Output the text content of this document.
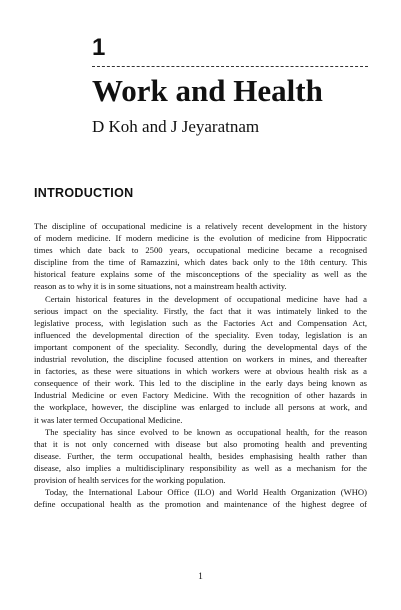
1
Work and Health
D Koh and J Jeyaratnam
INTRODUCTION

The discipline of occupational medicine is a relatively recent development in the history
of modern medicine. If modern medicine is the evolution of medicine from Hippocratic
times which date back to 2500 years, occupational medicine became a recognised
discipline from the time of Ramazzini, which dates back only to the 18th century. This
historical feature explains some of the misconceptions of the speciality as well as the
reason as to why it is in some situations, not a mainstream health activity.

Certain historical features in the development of occupational medicine have had a
serious impact on the speciality. Firstly, the fact that it was intimately linked to the
legislative process, with legislation such as the Factories Act and Compensation Act,
influenced the developmental direction of the speciality. Even today, legislation is an
important component of the speciality. Secondly, during the developmental days of the
industrial revolution, the discipline focused attention on workers in mines, and thereafter
in factories, as these were situations in which workers were at obvious health risk as a
consequence of their work. This led to the discipline in the early days being known as
Industrial Medicine or even Factory Medicine. With the recognition of other hazards in
the workplace, however, the discipline was enlarged to include all persons at work, and
it was later termed Occupational Medicine.

The speciality has since evolved to be known as occupational health, for the reason
that it is not only concerned with disease but also promoting health and preventing
disease. Further, the term occupational health, besides emphasising health rather than
disease, also implies a multidisciplinary responsibility as well as a mechanism for the
provision of health services for the working population.

Today, the International Labour Office (ILO) and World Health Organization (WHO)
define occupational health as the promotion and maintenance of the highest degree of

1
